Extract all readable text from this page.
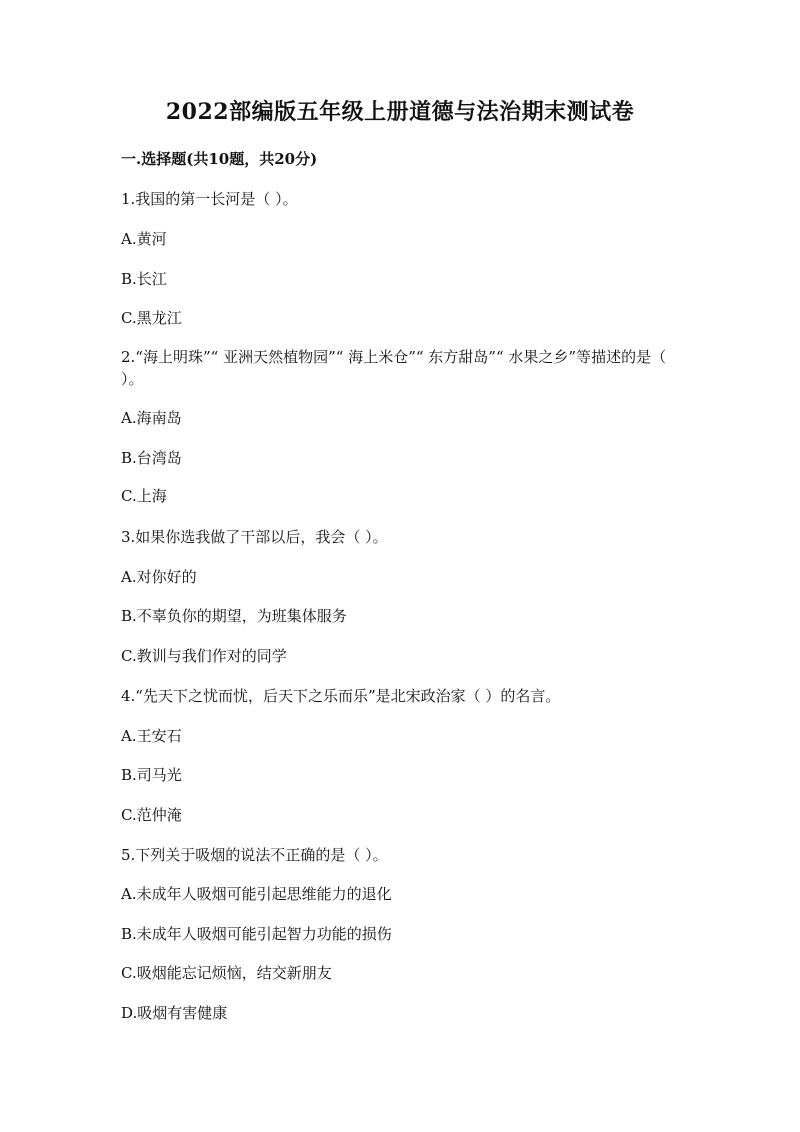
2022部编版五年级上册道德与法治期末测试卷
一.选择题(共10题，共20分)
1.我国的第一长河是（ ）。
A.黄河
B.长江
C.黑龙江
2.“海上明珠”“ 亚洲天然植物园”“ 海上米仓”“ 东方甜岛”“ 水果之乡”等描述的是（ ）。
A.海南岛
B.台湾岛
C.上海
3.如果你选我做了干部以后，我会（ ）。
A.对你好的
B.不辜负你的期望，为班集体服务
C.教训与我们作对的同学
4.“先天下之忧而忧，后天下之乐而乐”是北宋政治家（ ）的名言。
A.王安石
B.司马光
C.范仲淹
5.下列关于吸烟的说法不正确的是（ ）。
A.未成年人吸烟可能引起思维能力的退化
B.未成年人吸烟可能引起智力功能的损伤
C.吸烟能忘记烦恼，结交新朋友
D.吸烟有害健康
